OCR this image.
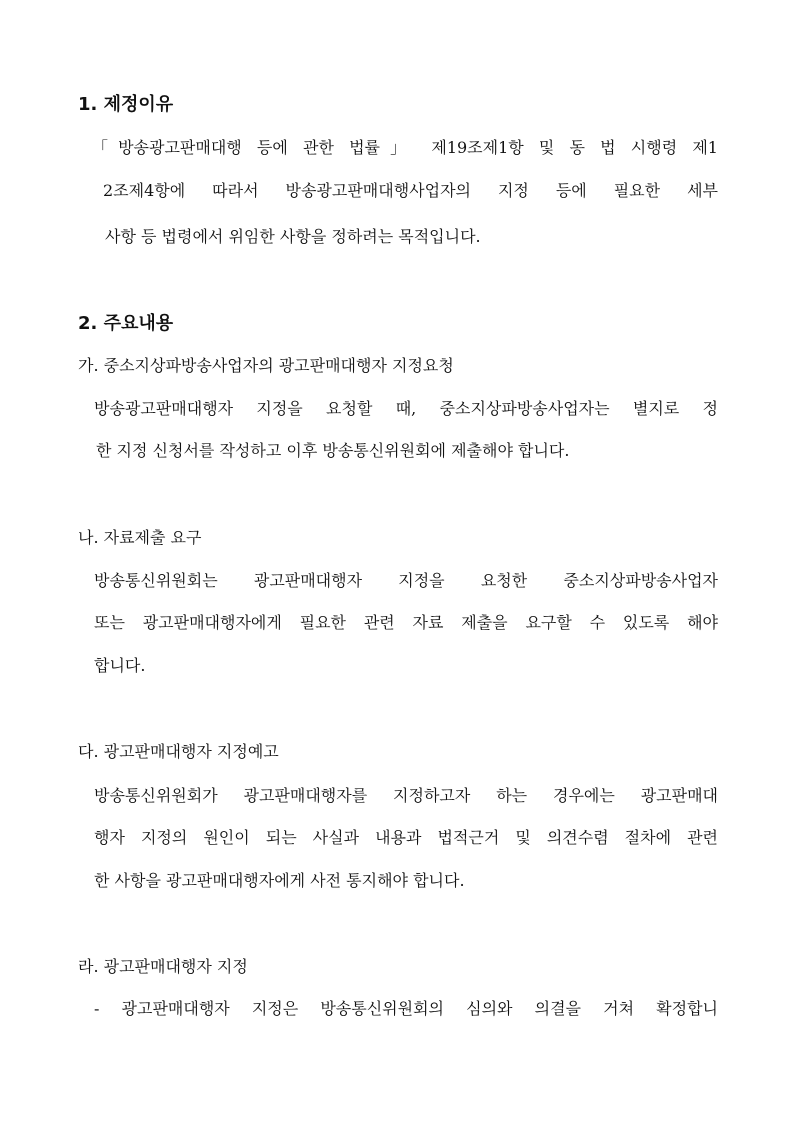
1. 제정이유
「방송광고판매대행 등에 관한 법률」 제19조제1항 및 동 법 시행령 제1
2조제4항에 따라서 방송광고판매대행사업자의 지정 등에 필요한 세부
사항 등 법령에서 위임한 사항을 정하려는 목적입니다.
2. 주요내용
가. 중소지상파방송사업자의 광고판매대행자 지정요청
방송광고판매대행자 지정을 요청할 때, 중소지상파방송사업자는 별지로 정
한 지정 신청서를 작성하고 이후 방송통신위원회에 제출해야 합니다.
나. 자료제출 요구
방송통신위원회는 광고판매대행자 지정을 요청한 중소지상파방송사업자
또는 광고판매대행자에게 필요한 관련 자료 제출을 요구할 수 있도록 해야
합니다.
다. 광고판매대행자 지정예고
방송통신위원회가 광고판매대행자를 지정하고자 하는 경우에는 광고판매대
행자 지정의 원인이 되는 사실과 내용과 법적근거 및 의견수렴 절차에 관련
한 사항을 광고판매대행자에게 사전 통지해야 합니다.
라. 광고판매대행자 지정
- 광고판매대행자 지정은 방송통신위원회의 심의와 의결을 거쳐 확정합니
